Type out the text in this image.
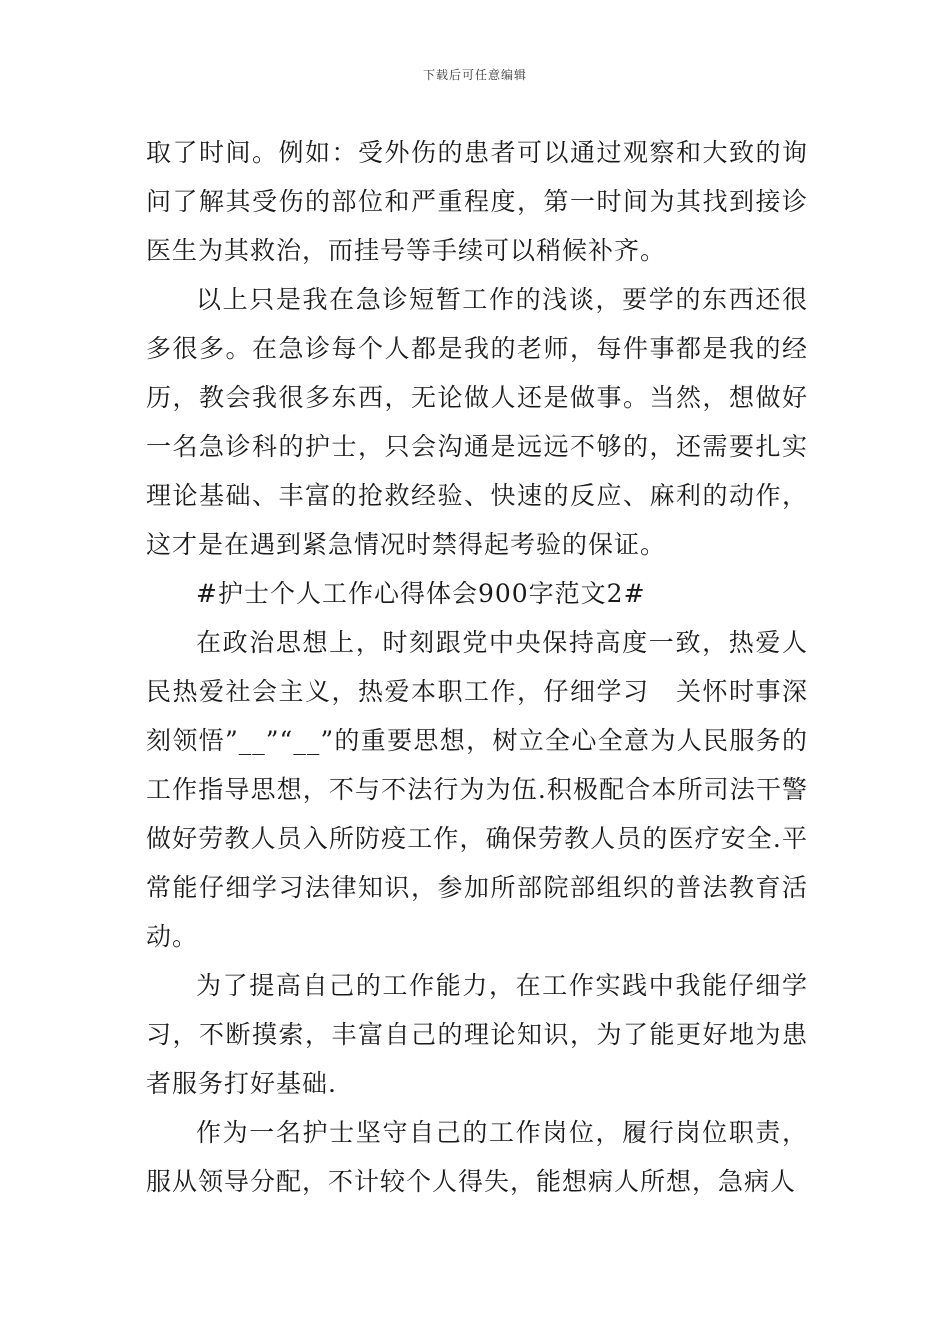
下载后可任意编辑

取了时间。例如：受外伤的患者可以通过观察和大致的询问了解其受伤的部位和严重程度，第一时间为其找到接诊医生为其救治，而挂号等手续可以稍候补齐。

以上只是我在急诊短暂工作的浅谈，要学的东西还很多很多。在急诊每个人都是我的老师，每件事都是我的经历，教会我很多东西，无论做人还是做事。当然，想做好一名急诊科的护士，只会沟通是远远不够的，还需要扎实理论基础、丰富的抢救经验、快速的反应、麻利的动作，这才是在遇到紧急情况时禁得起考验的保证。

#护士个人工作心得体会900字范文2#

在政治思想上，时刻跟党中央保持高度一致，热爱人民热爱社会主义，热爱本职工作，仔细学习　关怀时事深刻领悟”__”“__”的重要思想，树立全心全意为人民服务的工作指导思想，不与不法行为为伍.积极配合本所司法干警做好劳教人员入所防疫工作，确保劳教人员的医疗安全.平常能仔细学习法律知识，参加所部院部组织的普法教育活动。

为了提高自己的工作能力，在工作实践中我能仔细学习，不断摸索，丰富自己的理论知识，为了能更好地为患者服务打好基础.

作为一名护士坚守自己的工作岗位，履行岗位职责，服从领导分配，不计较个人得失，能想病人所想，急病人
